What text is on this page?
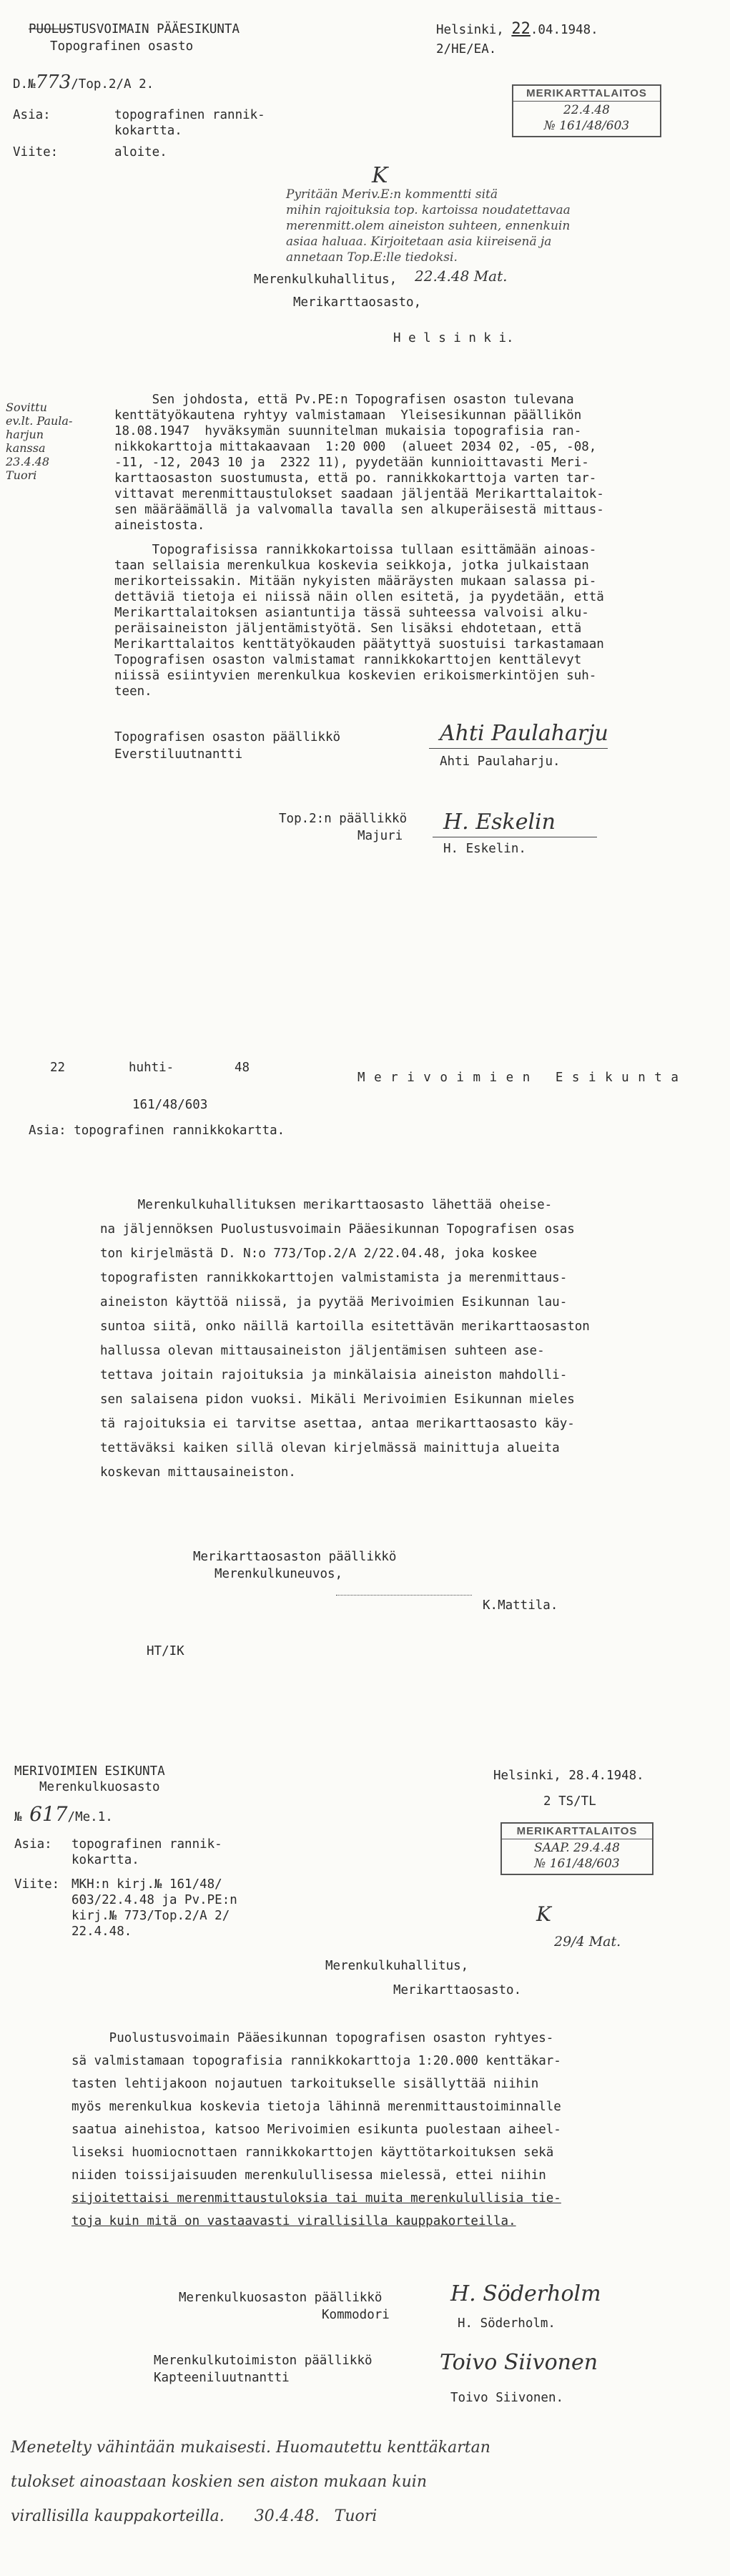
PUOLUSTUSVOIMAIN PÄÄESIKUNTA
Topografinen osasto
Helsinki, 22.04.1948.
2/HE/EA.
D.№773/Top.2/A 2.
MERIKARTTALAITOS
22.4.48
№ 161/48/603
Asia:	topografinen rannik-
kokartta.
Viite:	aloite.
K
Pyritään Meriv.E:n kommentti sitä
mihin rajoituksia top. kartoissa noudatettavaa
merenmitt.olem aineiston suhteen, ennenkuin
asiaa haluaa. Kirjoitetaan asia kiireisenä ja
annetaan Top.E:lle tiedoksi.
Merenkulkuhallitus, 22.4.48 Mat.
Merikarttaosasto,
H e l s i n k i.
Sovittu
ev.lt. Paula-
harjun
kanssa
23.4.48
Tuori
Sen johdosta, että Pv.PE:n Topografisen osaston tulevana
kenttätyökautena ryhtyy valmistamaan  Yleisesikunnan päällikön
18.08.1947  hyväksymän suunnitelman mukaisia topografisia ran-
nikkokarttoja mittakaavaan  1:20 000  (alueet 2034 02, -05, -08,
-11, -12, 2043 10 ja  2322 11), pyydetään kunnioittavasti Meri-
karttaosaston suostumusta, että po. rannikkokarttoja varten tar-
vittavat merenmittaustulokset saadaan jäljentää Merikarttalaitok-
sen määräämällä ja valvomalla tavalla sen alkuperäisestä mittaus-
aineistosta.
Topografisissa rannikkokartoissa tullaan esittämään ainoas-
taan sellaisia merenkulkua koskevia seikkoja, jotka julkaistaan
merikorteissakin. Mitään nykyisten määräysten mukaan salassa pi-
dettäviä tietoja ei niissä näin ollen esitetä, ja pyydetään, että
Merikarttalaitoksen asiantuntija tässä suhteessa valvoisi alku-
peräisaineiston jäljentämistyötä. Sen lisäksi ehdotetaan, että
Merikarttalaitos kenttätyökauden päätyttyä suostuisi tarkastamaan
Topografisen osaston valmistamat rannikkokarttojen kenttälevyt
niissä esiintyvien merenkulkua koskevien erikoismerkintöjen suh-
teen.
Topografisen osaston päällikkö
Everstiluutnantti
Ahti Paulaharju
Ahti Paulaharju.
Top.2:n päällikkö
Majuri
H. Eskelin
H. Eskelin.
22	huhti-	48
M e r i v o i m i e n   E s i k u n t a
161/48/603
Asia: topografinen rannikkokartta.
Merenkulkuhallituksen merikarttaosasto lähettää oheise-
na jäljennöksen Puolustusvoimain Pääesikunnan Topografisen osas
ton kirjelmästä D. N:o 773/Top.2/A 2/22.04.48, joka koskee
topografisten rannikkokarttojen valmistamista ja merenmittaus-
aineiston käyttöä niissä, ja pyytää Merivoimien Esikunnan lau-
suntoa siitä, onko näillä kartoilla esitettävän merikarttaosaston
hallussa olevan mittausaineiston jäljentämisen suhteen ase-
tettava joitain rajoituksia ja minkälaisia aineiston mahdolli-
sen salaisena pidon vuoksi. Mikäli Merivoimien Esikunnan mieles
tä rajoituksia ei tarvitse asettaa, antaa merikarttaosasto käy-
tettäväksi kaiken sillä olevan kirjelmässä mainittuja alueita
koskevan mittausaineiston.
Merikarttaosaston päällikkö
Merenkulkuneuvos,
K.Mattila.
HT/IK
MERIVOIMIEN ESIKUNTA
Merenkulkuosasto
Helsinki, 28.4.1948.
2 TS/TL
№ 617/Me.1.
Asia: topografinen rannik-
kokartta.
Viite: MKH:n kirj.№ 161/48/
603/22.4.48 ja Pv.PE:n
kirj.№ 773/Top.2/A 2/
22.4.48.
MERIKARTTALAITOS
SAAP. 29.4.48
№ 161/48/603
K
29/4 Mat.
Merenkulkuhallitus,
Merikarttaosasto.
Puolustusvoimain Pääesikunnan topografisen osaston ryhtyes-
sä valmistamaan topografisia rannikkokarttoja 1:20.000 kenttäkar-
tasten lehtijakoon nojautuen tarkoitukselle sisällyttää niihin
myös merenkulkua koskevia tietoja lähinnä merenmittaustoiminnalle
saatua ainehistoa, katsoo Merivoimien esikunta puolestaan aiheel-
liseksi huomiocnottaen rannikkokarttojen käyttötarkoituksen sekä
niiden toissijaisuuden merenkulullisessa mielessä, ettei niihin
sijoitettaisi merenmittaustuloksia tai muita merenkulullisia tie-
toja kuin mitä on vastaavasti virallisilla kauppakorteilla.
Merenkulkuosaston päällikkö
Kommodori
H. Söderholm
H. Söderholm.
Merenkulkutoimiston päällikkö
Kapteeniluutnantti
Toivo Siivonen
Toivo Siivonen.
Menetelty vähintään mukaisesti. Huomautettu kenttäkartan
tulokset ainoastaan koskien sen aiston mukaan kuin
virallisilla kauppakorteilla.      30.4.48.   Tuori
